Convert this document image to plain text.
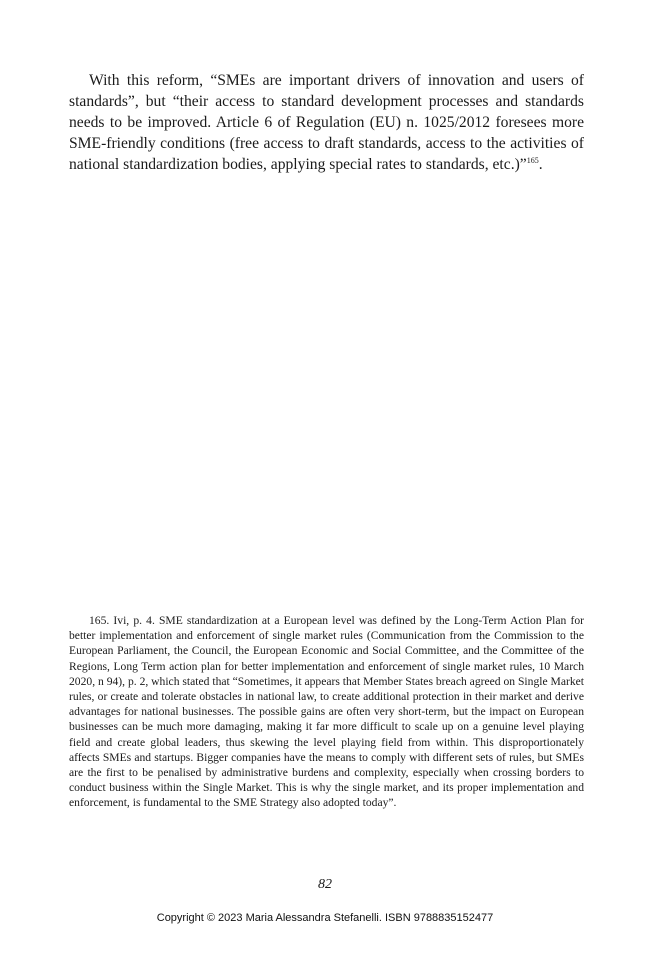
With this reform, “SMEs are important drivers of innovation and users of standards”, but “their access to standard development processes and standards needs to be improved. Article 6 of Regulation (EU) n. 1025/2012 foresees more SME-friendly conditions (free access to draft standards, access to the activities of national standardization bodies, applying special rates to standards, etc.)”$^{165}$.

165. Ivi, p. 4. SME standardization at a European level was defined by the Long-Term Action Plan for better implementation and enforcement of single market rules (Communication from the Commission to the European Parliament, the Council, the European Economic and Social Committee, and the Committee of the Regions, Long Term action plan for better implementation and enforcement of single market rules, 10 March 2020, n 94), p. 2, which stated that “Sometimes, it appears that Member States breach agreed on Single Market rules, or create and tolerate obstacles in national law, to create additional protection in their market and derive advantages for national businesses. The possible gains are often very short-term, but the impact on European businesses can be much more damaging, making it far more difficult to scale up on a genuine level playing field and create global leaders, thus skewing the level playing field from within. This disproportionately affects SMEs and startups. Bigger companies have the means to comply with different sets of rules, but SMEs are the first to be penalised by administrative burdens and complexity, especially when crossing borders to conduct business within the Single Market. This is why the single market, and its proper implementation and enforcement, is fundamental to the SME Strategy also adopted today”.

82
Copyright © 2023 Maria Alessandra Stefanelli. ISBN 9788835152477
